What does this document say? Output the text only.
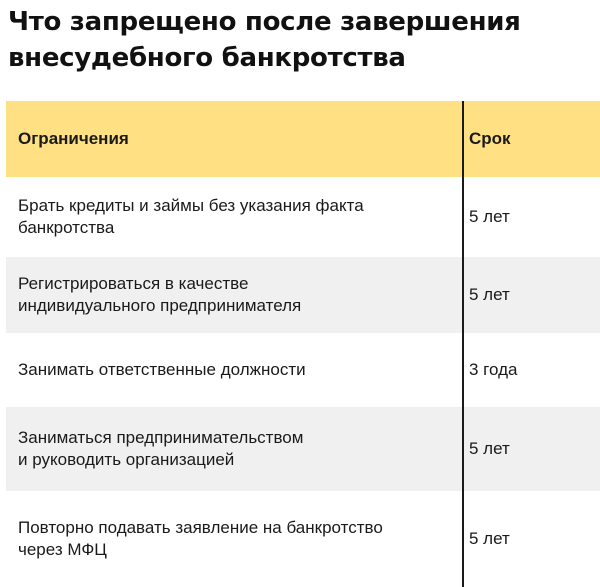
Что запрещено после завершения
внесудебного банкротства
Ограничения	Срок
Брать кредиты и займы без указания факта
банкротства
5 лет
Регистрироваться в качестве
индивидуального предпринимателя
5 лет
Занимать ответственные должности	3 года
Заниматься предпринимательством
и руководить организацией
5 лет
Повторно подавать заявление на банкротство
через МФЦ
5 лет
